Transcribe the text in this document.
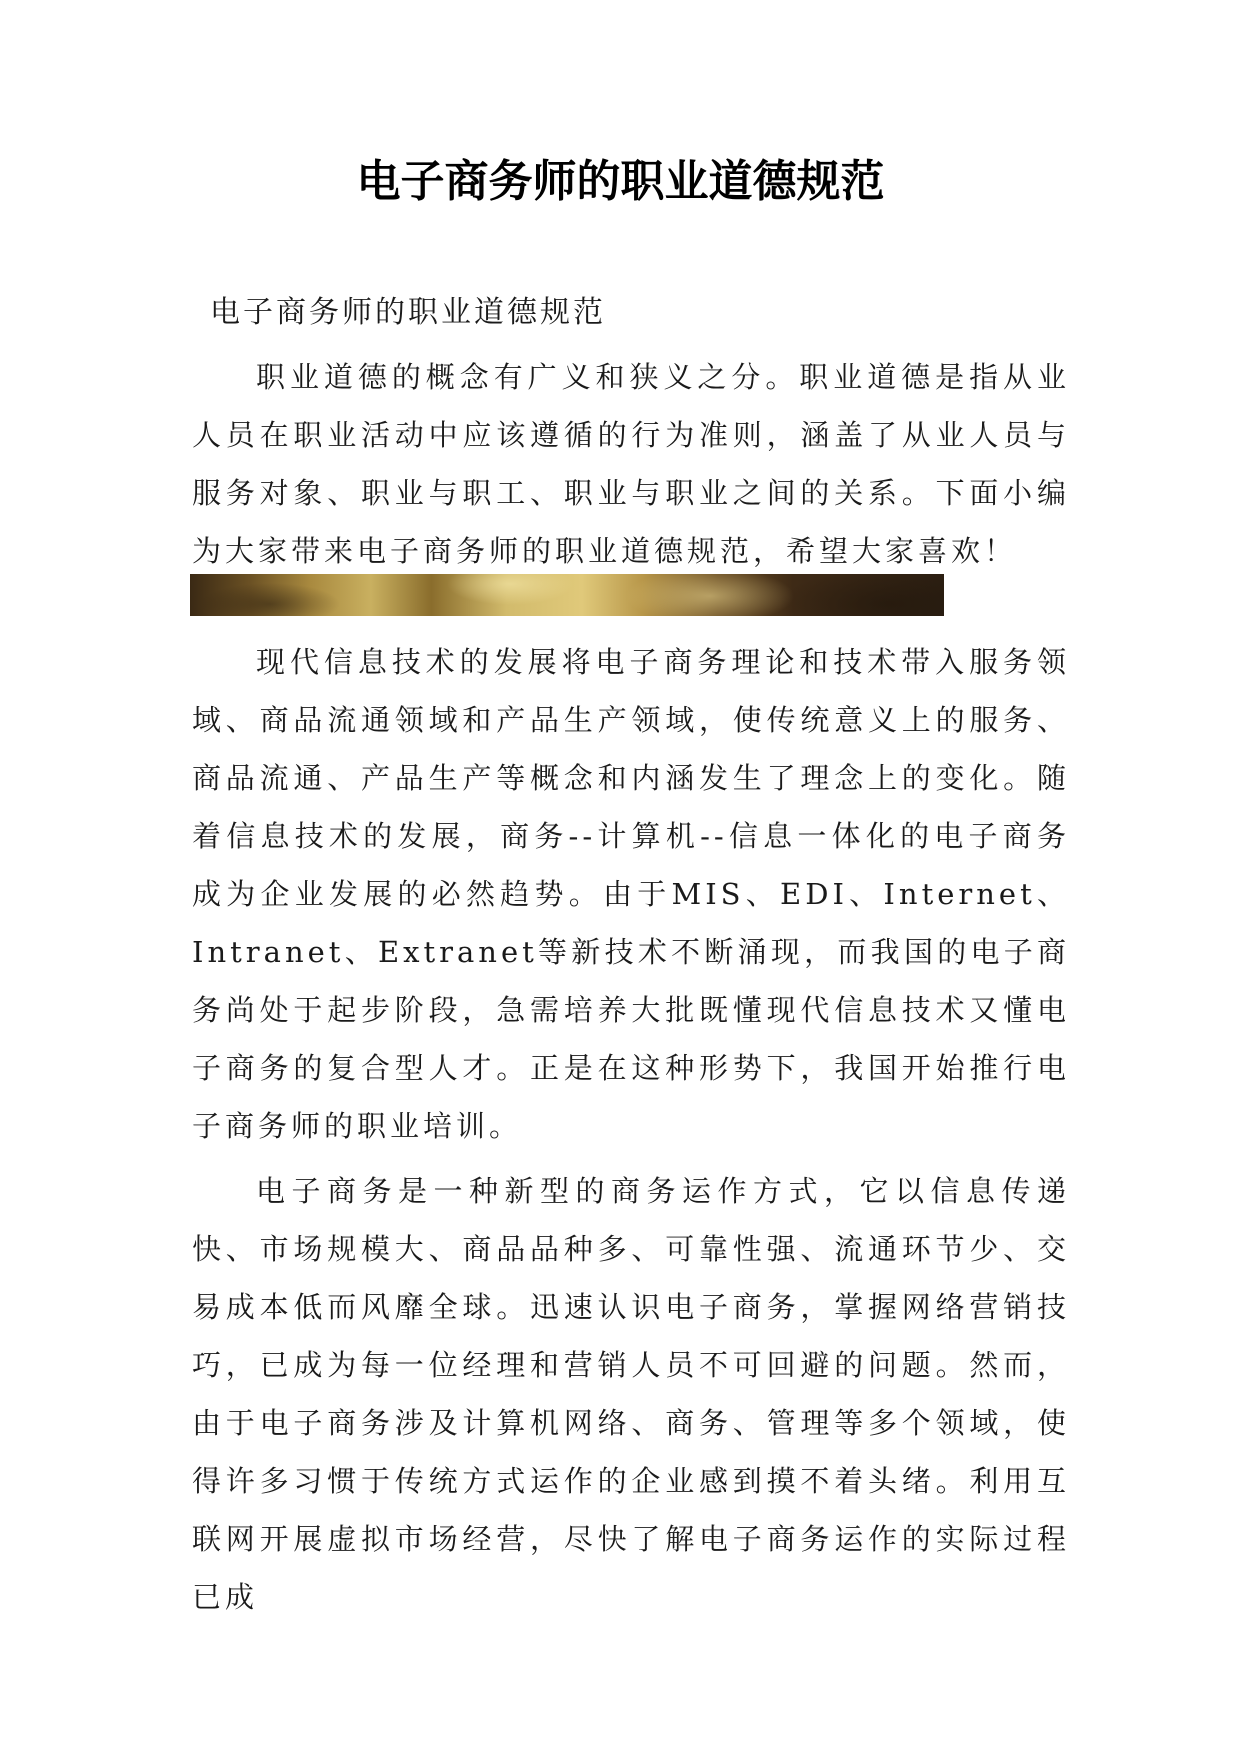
电子商务师的职业道德规范

电子商务师的职业道德规范

职业道德的概念有广义和狭义之分。职业道德是指从业人员在职业活动中应该遵循的行为准则，涵盖了从业人员与服务对象、职业与职工、职业与职业之间的关系。下面小编为大家带来电子商务师的职业道德规范，希望大家喜欢！

现代信息技术的发展将电子商务理论和技术带入服务领域、商品流通领域和产品生产领域，使传统意义上的服务、商品流通、产品生产等概念和内涵发生了理念上的变化。随着信息技术的发展，商务--计算机--信息一体化的电子商务成为企业发展的必然趋势。由于MIS、EDI、Internet、Intranet、Extranet等新技术不断涌现，而我国的电子商务尚处于起步阶段，急需培养大批既懂现代信息技术又懂电子商务的复合型人才。正是在这种形势下，我国开始推行电子商务师的职业培训。

电子商务是一种新型的商务运作方式，它以信息传递快、市场规模大、商品品种多、可靠性强、流通环节少、交易成本低而风靡全球。迅速认识电子商务，掌握网络营销技巧，已成为每一位经理和营销人员不可回避的问题。然而，由于电子商务涉及计算机网络、商务、管理等多个领域，使得许多习惯于传统方式运作的企业感到摸不着头绪。利用互联网开展虚拟市场经营，尽快了解电子商务运作的实际过程已成
